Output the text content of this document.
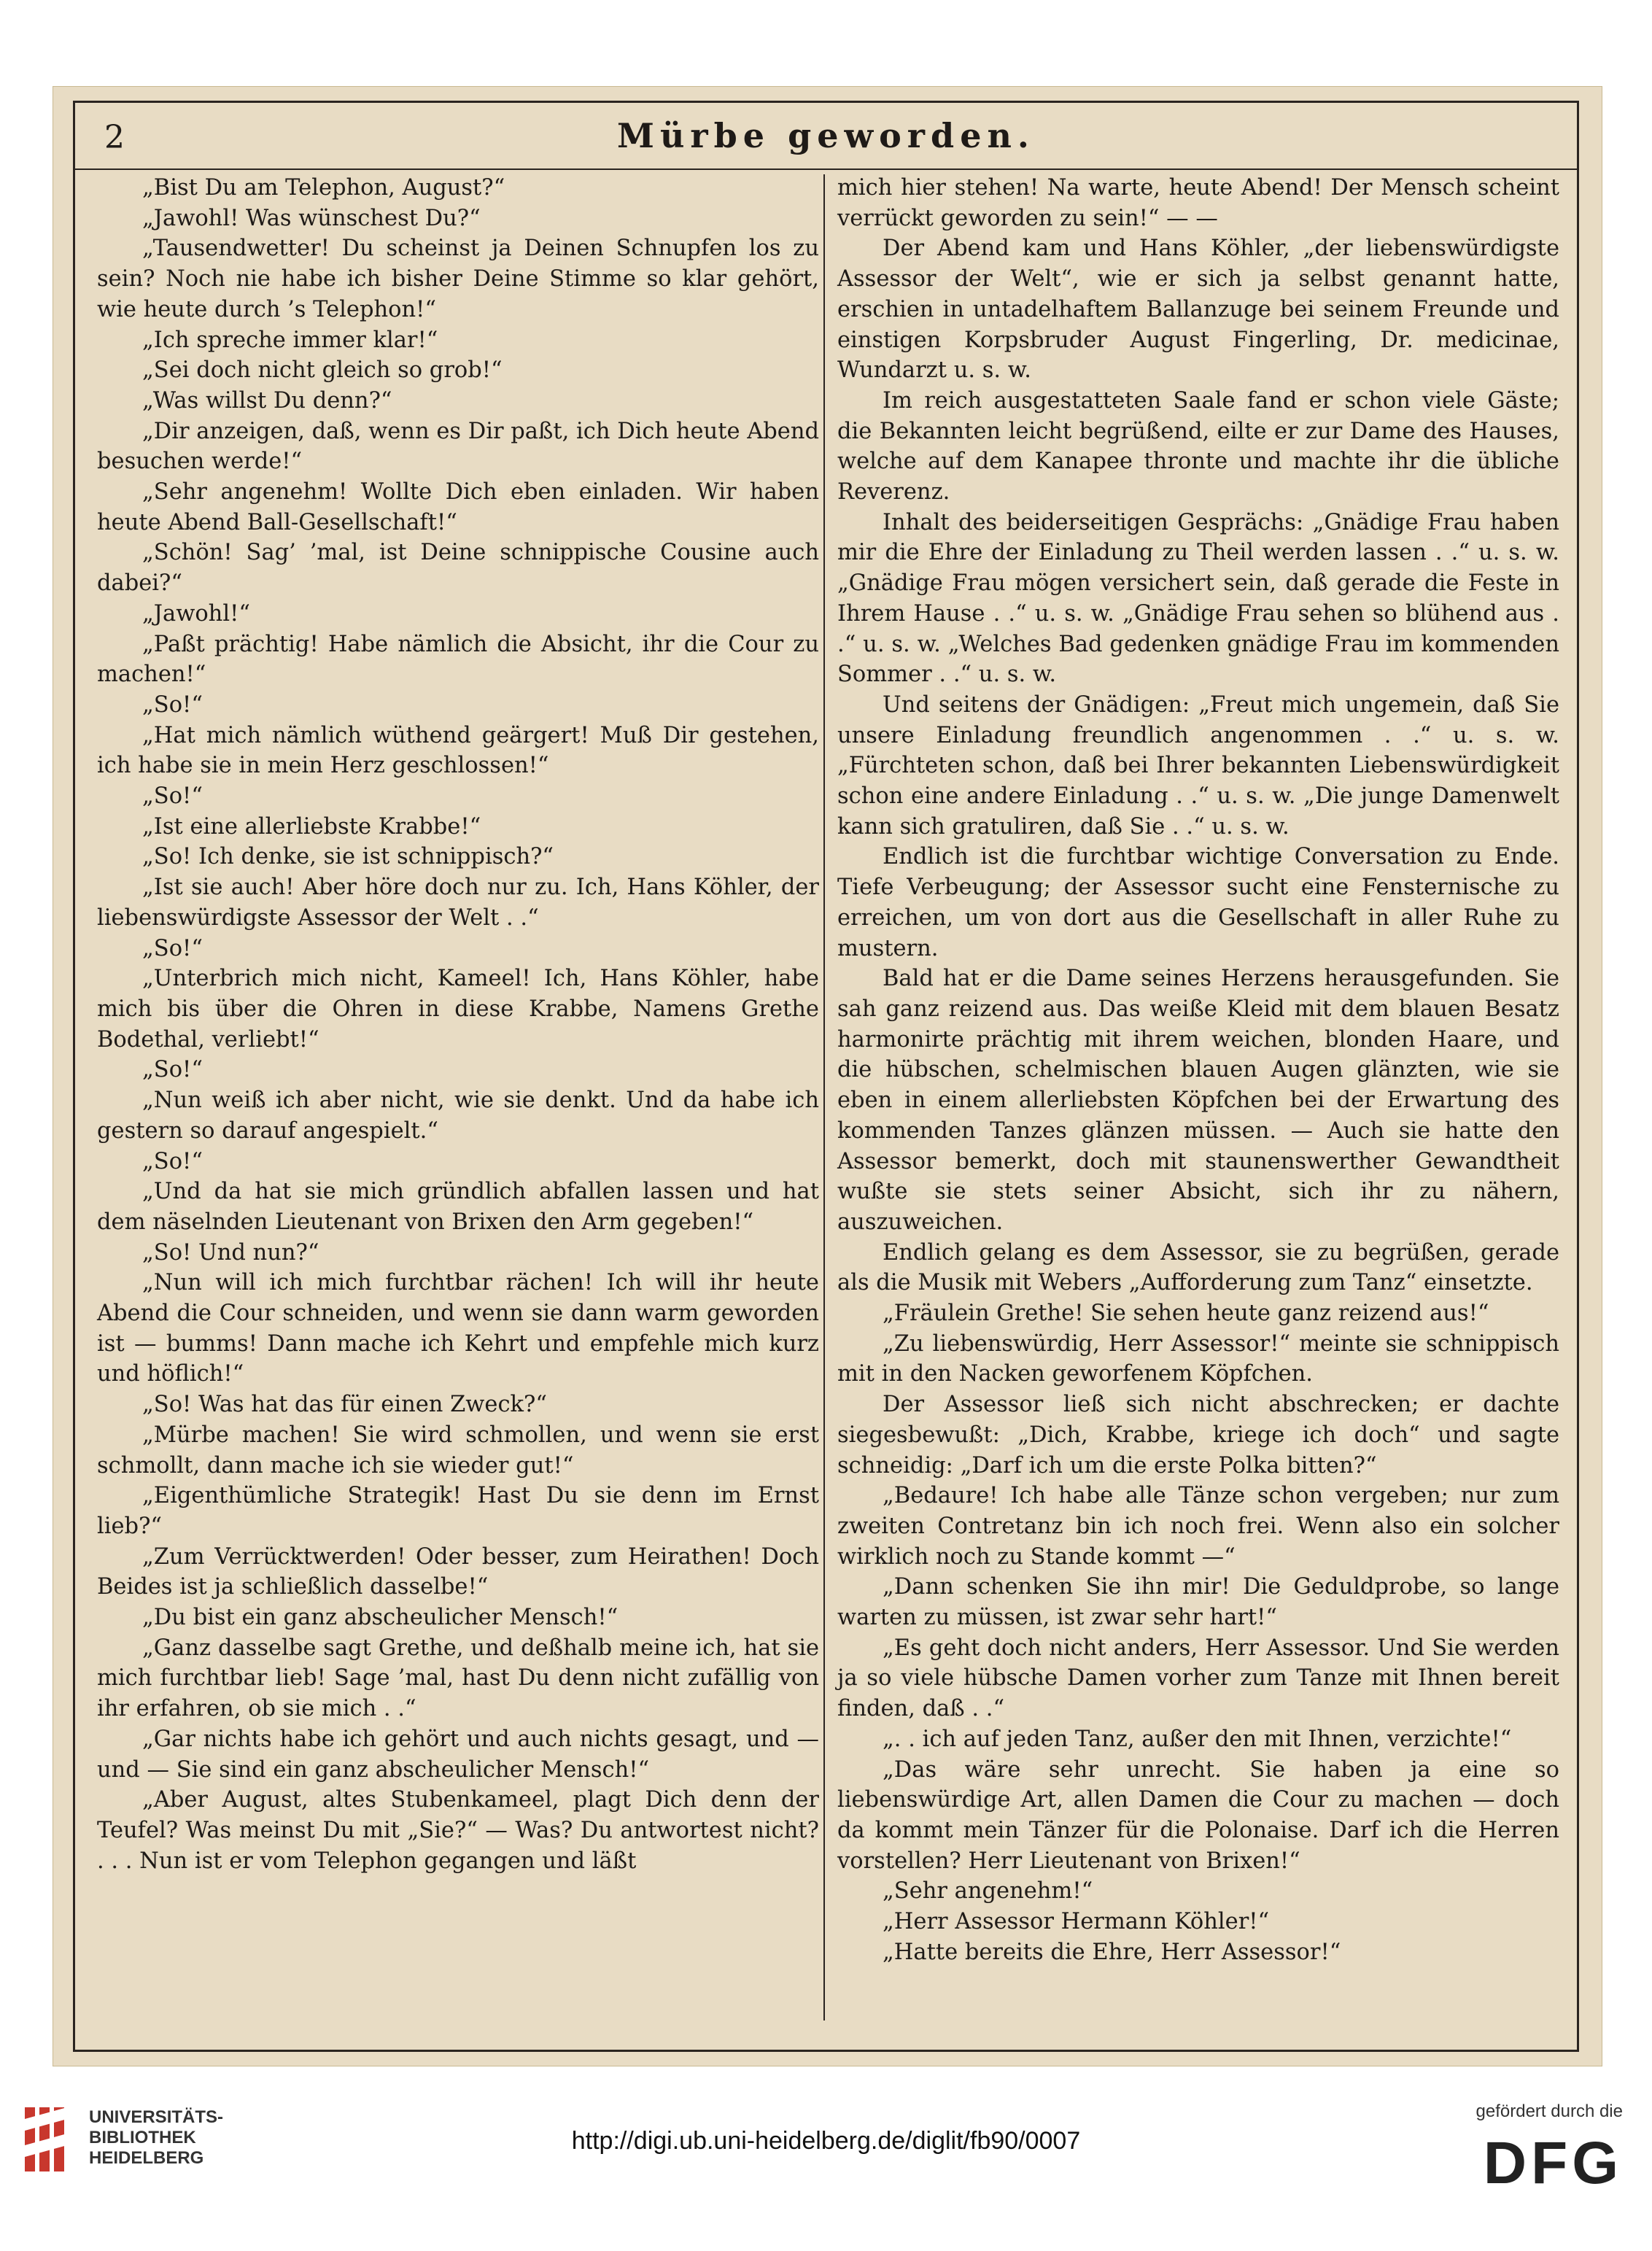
2	Mürbe geworden.

„Bist Du am Telephon, August?“

„Jawohl! Was wünschest Du?“

„Tausendwetter! Du scheinst ja Deinen Schnupfen los zu sein? Noch nie habe ich bisher Deine Stimme so klar gehört, wie heute durch ’s Telephon!“

„Ich spreche immer klar!“

„Sei doch nicht gleich so grob!“

„Was willst Du denn?“

„Dir anzeigen, daß, wenn es Dir paßt, ich Dich heute Abend besuchen werde!“

„Sehr angenehm! Wollte Dich eben einladen. Wir haben heute Abend Ball-Gesellschaft!“

„Schön! Sag’ ’mal, ist Deine schnippische Cousine auch dabei?“

„Jawohl!“

„Paßt prächtig! Habe nämlich die Absicht, ihr die Cour zu machen!“

„So!“

„Hat mich nämlich wüthend geärgert! Muß Dir gestehen, ich habe sie in mein Herz geschlossen!“

„So!“

„Ist eine allerliebste Krabbe!“

„So! Ich denke, sie ist schnippisch?“

„Ist sie auch! Aber höre doch nur zu. Ich, Hans Köhler, der liebenswürdigste Assessor der Welt . .“

„So!“

„Unterbrich mich nicht, Kameel! Ich, Hans Köhler, habe mich bis über die Ohren in diese Krabbe, Namens Grethe Bodethal, verliebt!“

„So!“

„Nun weiß ich aber nicht, wie sie denkt. Und da habe ich gestern so darauf angespielt.“

„So!“

„Und da hat sie mich gründlich abfallen lassen und hat dem näselnden Lieutenant von Brixen den Arm gegeben!“

„So! Und nun?“

„Nun will ich mich furchtbar rächen! Ich will ihr heute Abend die Cour schneiden, und wenn sie dann warm geworden ist — bumms! Dann mache ich Kehrt und empfehle mich kurz und höflich!“

„So! Was hat das für einen Zweck?“

„Mürbe machen! Sie wird schmollen, und wenn sie erst schmollt, dann mache ich sie wieder gut!“

„Eigenthümliche Strategik! Hast Du sie denn im Ernst lieb?“

„Zum Verrücktwerden! Oder besser, zum Heirathen! Doch Beides ist ja schließlich dasselbe!“

„Du bist ein ganz abscheulicher Mensch!“

„Ganz dasselbe sagt Grethe, und deßhalb meine ich, hat sie mich furchtbar lieb! Sage ’mal, hast Du denn nicht zufällig von ihr erfahren, ob sie mich . .“

„Gar nichts habe ich gehört und auch nichts gesagt, und — und — Sie sind ein ganz abscheulicher Mensch!“

„Aber August, altes Stubenkameel, plagt Dich denn der Teufel? Was meinst Du mit „Sie?“ — Was? Du antwortest nicht? . . . Nun ist er vom Telephon gegangen und läßt

mich hier stehen! Na warte, heute Abend! Der Mensch scheint verrückt geworden zu sein!“ — —

Der Abend kam und Hans Köhler, „der liebenswürdigste Assessor der Welt“, wie er sich ja selbst genannt hatte, erschien in untadelhaftem Ballanzuge bei seinem Freunde und einstigen Korpsbruder August Fingerling, Dr. medicinae, Wundarzt u. s. w.

Im reich ausgestatteten Saale fand er schon viele Gäste; die Bekannten leicht begrüßend, eilte er zur Dame des Hauses, welche auf dem Kanapee thronte und machte ihr die übliche Reverenz.

Inhalt des beiderseitigen Gesprächs: „Gnädige Frau haben mir die Ehre der Einladung zu Theil werden lassen . .“ u. s. w. „Gnädige Frau mögen versichert sein, daß gerade die Feste in Ihrem Hause . .“ u. s. w. „Gnädige Frau sehen so blühend aus . .“ u. s. w. „Welches Bad gedenken gnädige Frau im kommenden Sommer . .“ u. s. w.

Und seitens der Gnädigen: „Freut mich ungemein, daß Sie unsere Einladung freundlich angenommen . .“ u. s. w. „Fürchteten schon, daß bei Ihrer bekannten Liebenswürdigkeit schon eine andere Einladung . .“ u. s. w. „Die junge Damenwelt kann sich gratuliren, daß Sie . .“ u. s. w.

Endlich ist die furchtbar wichtige Conversation zu Ende. Tiefe Verbeugung; der Assessor sucht eine Fensternische zu erreichen, um von dort aus die Gesellschaft in aller Ruhe zu mustern.

Bald hat er die Dame seines Herzens herausgefunden. Sie sah ganz reizend aus. Das weiße Kleid mit dem blauen Besatz harmonirte prächtig mit ihrem weichen, blonden Haare, und die hübschen, schelmischen blauen Augen glänzten, wie sie eben in einem allerliebsten Köpfchen bei der Erwartung des kommenden Tanzes glänzen müssen. — Auch sie hatte den Assessor bemerkt, doch mit staunenswerther Gewandtheit wußte sie stets seiner Absicht, sich ihr zu nähern, auszuweichen.

Endlich gelang es dem Assessor, sie zu begrüßen, gerade als die Musik mit Webers „Aufforderung zum Tanz“ einsetzte.

„Fräulein Grethe! Sie sehen heute ganz reizend aus!“

„Zu liebenswürdig, Herr Assessor!“ meinte sie schnippisch mit in den Nacken geworfenem Köpfchen.

Der Assessor ließ sich nicht abschrecken; er dachte siegesbewußt: „Dich, Krabbe, kriege ich doch“ und sagte schneidig: „Darf ich um die erste Polka bitten?“

„Bedaure! Ich habe alle Tänze schon vergeben; nur zum zweiten Contretanz bin ich noch frei. Wenn also ein solcher wirklich noch zu Stande kommt —“

„Dann schenken Sie ihn mir! Die Geduldprobe, so lange warten zu müssen, ist zwar sehr hart!“

„Es geht doch nicht anders, Herr Assessor. Und Sie werden ja so viele hübsche Damen vorher zum Tanze mit Ihnen bereit finden, daß . .“

„. . ich auf jeden Tanz, außer den mit Ihnen, verzichte!“

„Das wäre sehr unrecht. Sie haben ja eine so liebenswürdige Art, allen Damen die Cour zu machen — doch da kommt mein Tänzer für die Polonaise. Darf ich die Herren vorstellen? Herr Lieutenant von Brixen!“

„Sehr angenehm!“

„Herr Assessor Hermann Köhler!“

„Hatte bereits die Ehre, Herr Assessor!“

UNIVERSITÄTS-
BIBLIOTHEK
HEIDELBERG
http://digi.ub.uni-heidelberg.de/diglit/fb90/0007
gefördert durch die
DFG
